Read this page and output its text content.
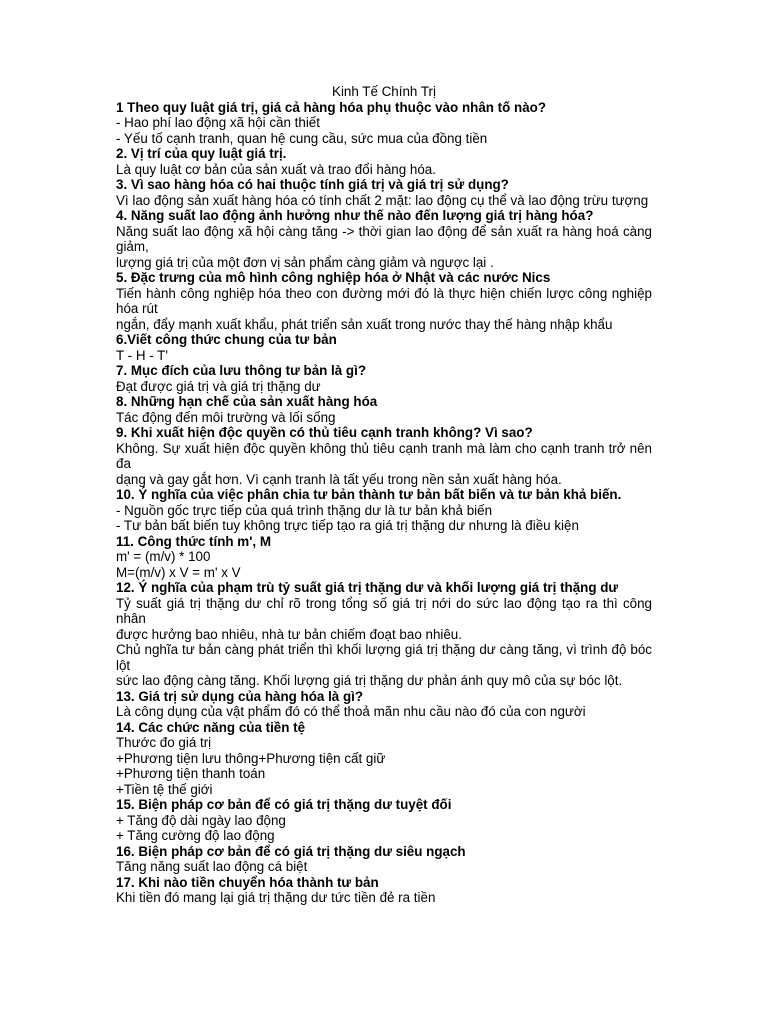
Kinh Tế Chính Trị

1 Theo quy luật giá trị, giá cả hàng hóa phụ thuộc vào nhân tố nào?

- Hao phí lao động xã hội cần thiết

- Yếu tố cạnh tranh, quan hệ cung cầu, sức mua của đồng tiền

2. Vị trí của quy luật giá trị.

Là quy luật cơ bản của sản xuất và trao đổi hàng hóa.

3. Vì sao hàng hóa có hai thuộc tính giá trị và giá trị sử dụng?

Vì lao động sản xuất hàng hóa có tính chất 2 mặt: lao động cụ thể và lao động trừu tượng

4. Năng suất lao động ảnh hưởng như thế nào đến lượng giá trị hàng hóa?

Năng suất lao động xã hội càng tăng -> thời gian lao động để sản xuất ra hàng hoá càng giảm,

lượng giá trị của một đơn vị sản phẩm càng giảm và ngược lại .

5. Đặc trưng của mô hình công nghiệp hóa ở Nhật và các nước Nics

Tiến hành công nghiệp hóa theo con đường mới đó là thực hiện chiến lược công nghiệp hóa rút

ngắn, đẩy mạnh xuất khẩu, phát triển sản xuất trong nước thay thế hàng nhập khẩu

6.Viết công thức chung của tư bản

T - H - T'

7. Mục đích của lưu thông tư bản là gì?

Đạt được giá trị và giá trị thặng dư

8. Những hạn chế của sản xuất hàng hóa

Tác động đến môi trường và lối sống

9. Khi xuất hiện độc quyền có thủ tiêu cạnh tranh không? Vì sao?

Không. Sự xuất hiện độc quyền không thủ tiêu cạnh tranh mà làm cho cạnh tranh trở nên đa

dạng và gay gắt hơn. Vì cạnh tranh là tất yếu trong nền sản xuất hàng hóa.

10. Ý nghĩa của việc phân chia tư bản thành tư bản bất biến và tư bản khả biến.

- Nguồn gốc trực tiếp của quá trình thặng dư là tư bản khả biến

- Tư bản bất biến tuy không trực tiếp tạo ra giá trị thặng dư nhưng là điều kiện

11. Công thức tính m', M

m' = (m/v) * 100

M=(m/v) x V = m' x V

12. Ý nghĩa của phạm trù tỷ suất giá trị thặng dư và khối lượng giá trị thặng dư

Tỷ suất giá trị thặng dư chỉ rõ trong tổng số giá trị nới do sức lao động tạo ra thì công nhân

được hưởng bao nhiêu, nhà tư bản chiếm đoạt bao nhiêu.

Chủ nghĩa tư bản càng phát triển thì khối lượng giá trị thặng dư càng tăng, vì trình độ bóc lột

sức lao động càng tăng. Khối lượng giá trị thặng dư phản ánh quy mô của sự bóc lột.

13. Giá trị sử dụng của hàng hóa là gì?

Là công dụng của vật phẩm đó có thể thoả mãn nhu cầu nào đó của con người

14. Các chức năng của tiền tệ

Thước đo giá trị

+Phương tiện lưu thông+Phương tiện cất giữ

+Phương tiện thanh toán

+Tiền tệ thế giới

15. Biện pháp cơ bản để có giá trị thặng dư tuyệt đối

+ Tăng độ dài ngày lao động

+ Tăng cường độ lao động

16. Biện pháp cơ bản để có giá trị thặng dư siêu ngạch

Tăng năng suất lao động cá biệt

17. Khi nào tiền chuyển hóa thành tư bản

Khi tiền đó mang lại giá trị thặng dư tức tiền đẻ ra tiền
